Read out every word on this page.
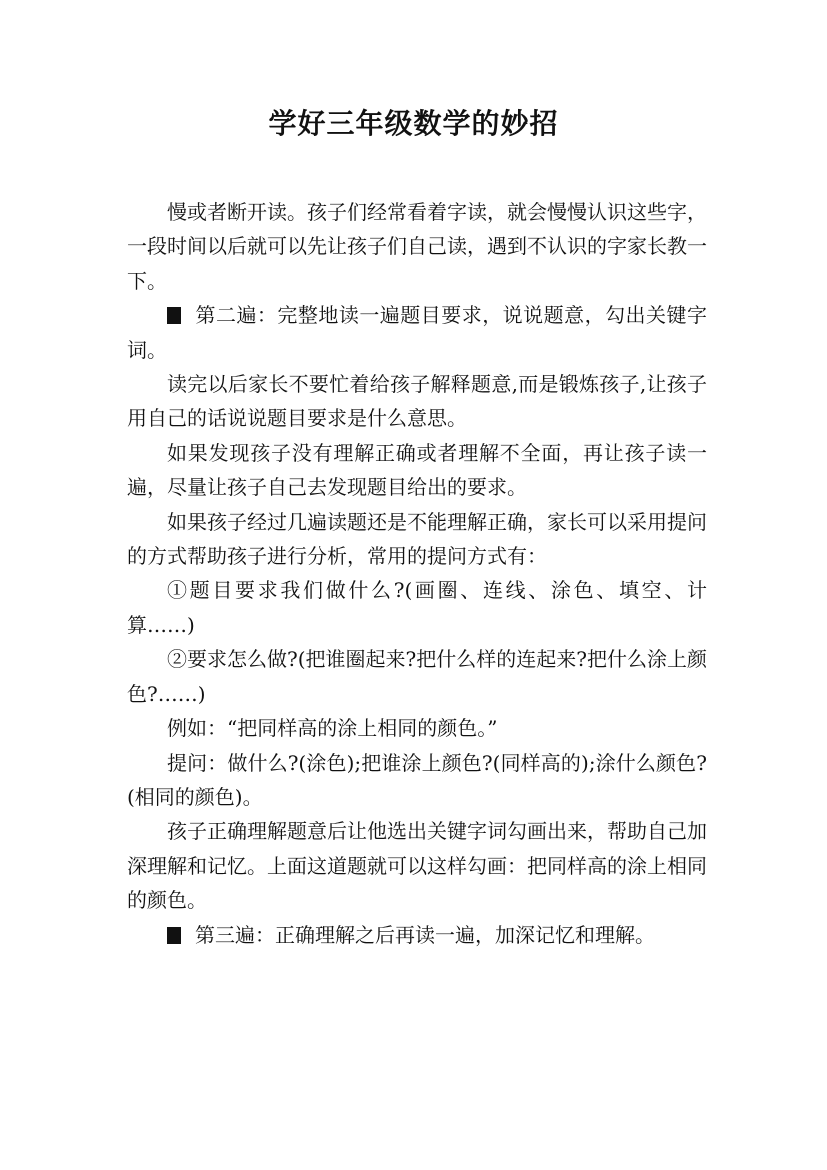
学好三年级数学的妙招

慢或者断开读。孩子们经常看着字读，就会慢慢认识这些字，一段时间以后就可以先让孩子们自己读，遇到不认识的字家长教一下。

第二遍：完整地读一遍题目要求，说说题意，勾出关键字词。

读完以后家长不要忙着给孩子解释题意,而是锻炼孩子,让孩子用自己的话说说题目要求是什么意思。

如果发现孩子没有理解正确或者理解不全面，再让孩子读一遍，尽量让孩子自己去发现题目给出的要求。

如果孩子经过几遍读题还是不能理解正确，家长可以采用提问的方式帮助孩子进行分析，常用的提问方式有：

①题目要求我们做什么?(画圈、连线、涂色、填空、计算……)

②要求怎么做?(把谁圈起来?把什么样的连起来?把什么涂上颜色?……)

例如：“把同样高的涂上相同的颜色。”

提问：做什么?(涂色);把谁涂上颜色?(同样高的);涂什么颜色?(相同的颜色)。

孩子正确理解题意后让他选出关键字词勾画出来，帮助自己加深理解和记忆。上面这道题就可以这样勾画：把同样高的涂上相同的颜色。

第三遍：正确理解之后再读一遍，加深记忆和理解。
